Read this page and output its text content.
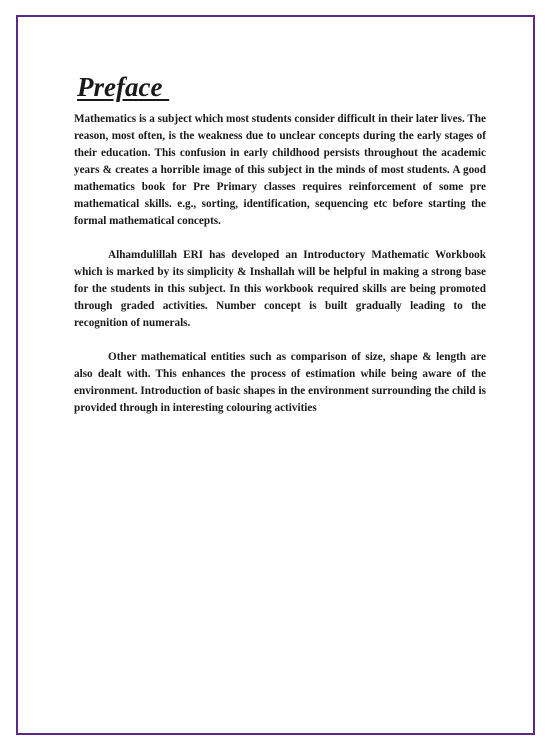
Preface

Mathematics is a subject which most students consider difficult in their later lives. The reason, most often, is the weakness due to unclear concepts during the early stages of their education. This confusion in early childhood persists throughout the academic years & creates a horrible image of this subject in the minds of most students. A good mathematics book for Pre Primary classes requires reinforcement of some pre mathematical skills. e.g., sorting, identification, sequencing etc before starting the formal mathematical concepts.

Alhamdulillah ERI has developed an Introductory Mathematic Workbook which is marked by its simplicity & Inshallah will be helpful in making a strong base for the students in this subject. In this workbook required skills are being promoted through graded activities. Number concept is built gradually leading to the recognition of numerals.

Other mathematical entities such as comparison of size, shape & length are also dealt with. This enhances the process of estimation while being aware of the environment. Introduction of basic shapes in the environment surrounding the child is provided through in interesting colouring activities
